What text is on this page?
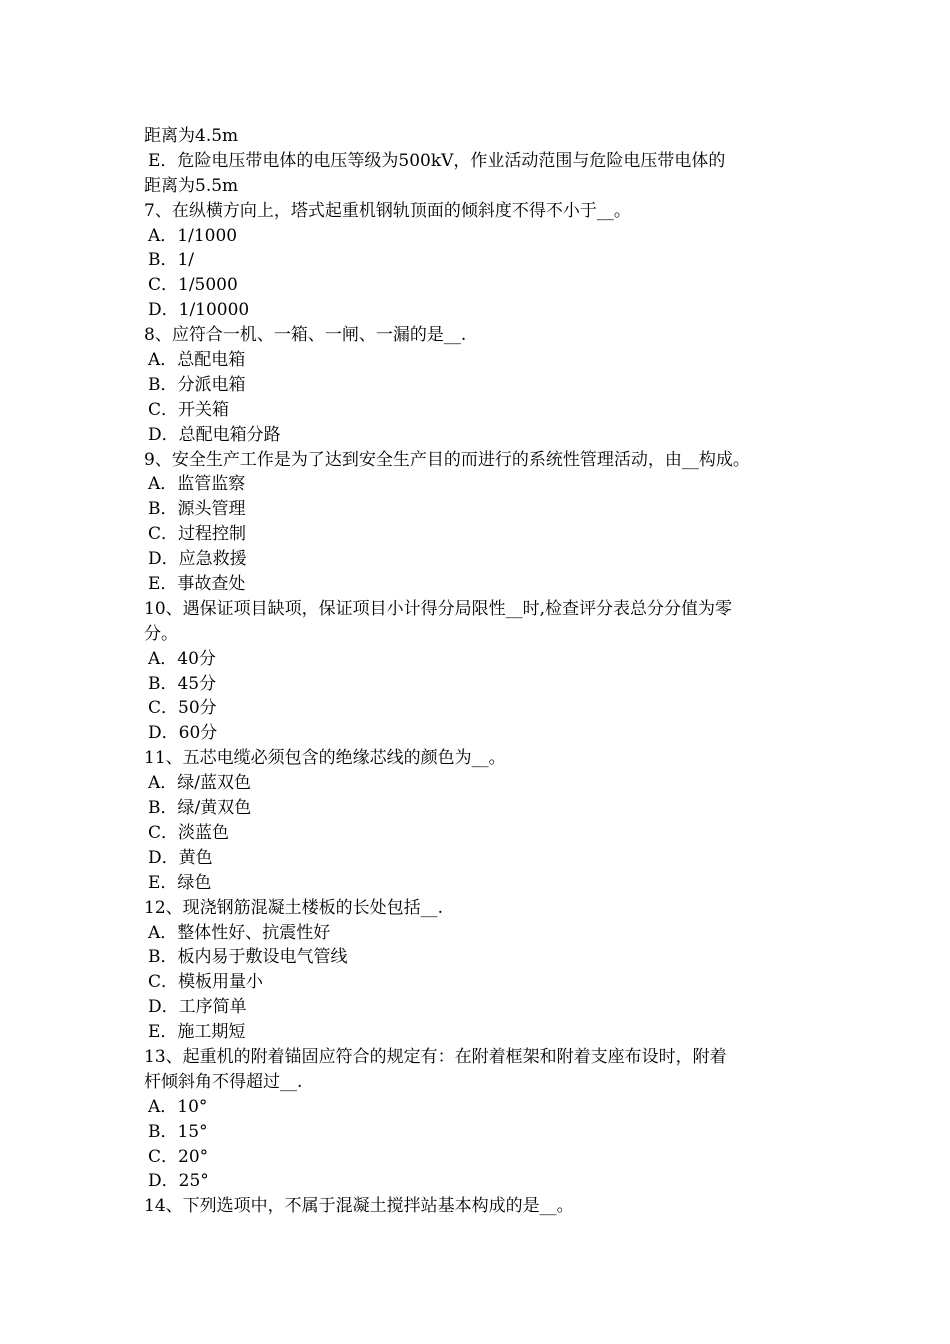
距离为4.5m

E．危险电压带电体的电压等级为500kV，作业活动范围与危险电压带电体的

距离为5.5m

7、在纵横方向上，塔式起重机钢轨顶面的倾斜度不得不小于__。

A．1/1000

B．1/

C．1/5000

D．1/10000

8、应符合一机、一箱、一闸、一漏的是__.

A．总配电箱

B．分派电箱

C．开关箱

D．总配电箱分路

9、安全生产工作是为了达到安全生产目的而进行的系统性管理活动，由__构成。

A．监管监察

B．源头管理

C．过程控制

D．应急救援

E．事故查处

10、遇保证项目缺项，保证项目小计得分局限性__时,检查评分表总分分值为零

分。

A．40分

B．45分

C．50分

D．60分

11、五芯电缆必须包含的绝缘芯线的颜色为__。

A．绿/蓝双色

B．绿/黄双色

C．淡蓝色

D．黄色

E．绿色

12、现浇钢筋混凝土楼板的长处包括__.

A．整体性好、抗震性好

B．板内易于敷设电气管线

C．模板用量小

D．工序简单

E．施工期短

13、起重机的附着锚固应符合的规定有：在附着框架和附着支座布设时，附着

杆倾斜角不得超过__.

A．10°

B．15°

C．20°

D．25°

14、下列选项中，不属于混凝土搅拌站基本构成的是__。
